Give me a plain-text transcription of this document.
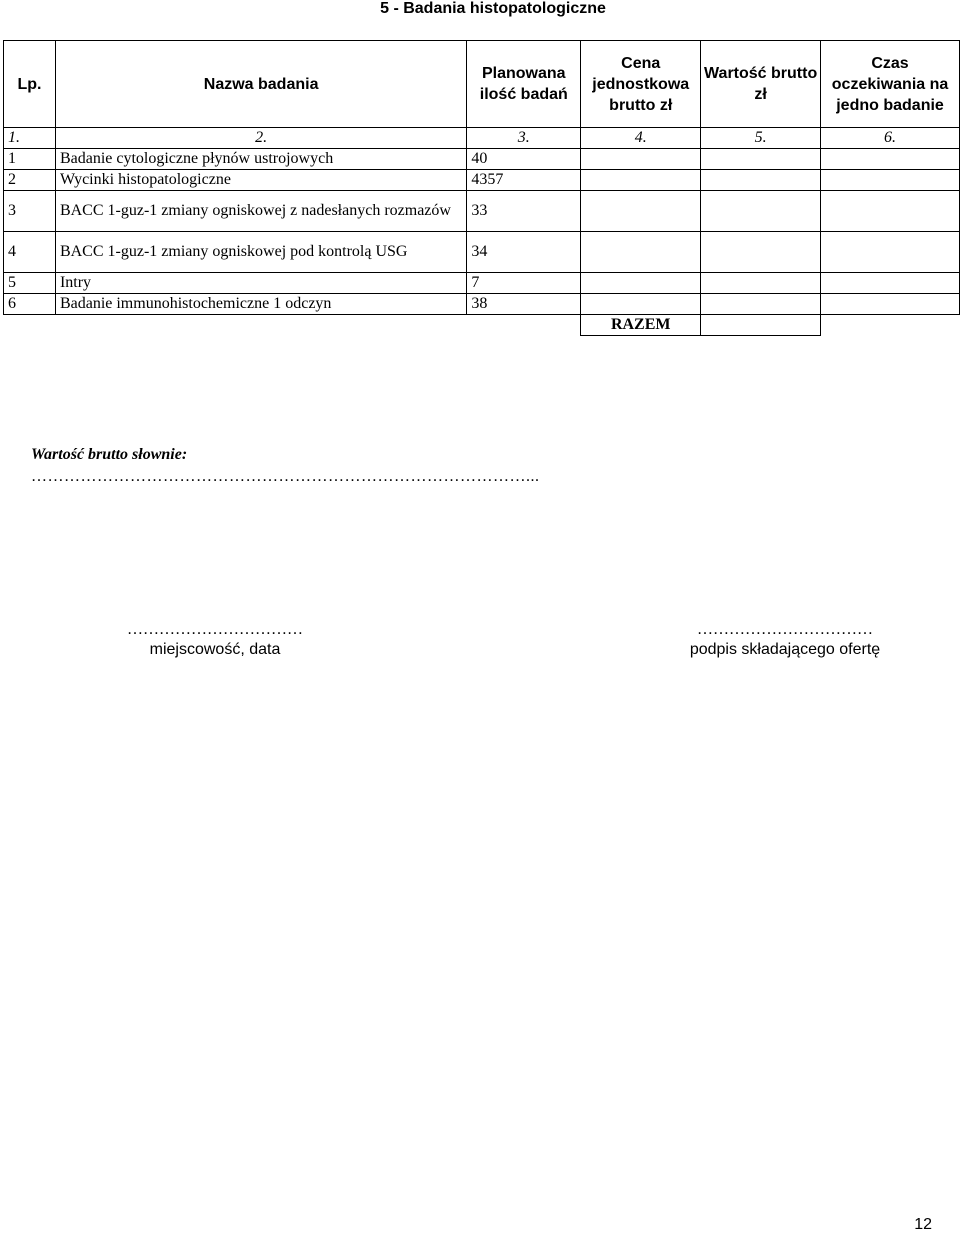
5 - Badania histopatologiczne
Lp.	Nazwa badania	Planowana ilość badań	Cena jednostkowa brutto zł	Wartość brutto zł	Czas oczekiwania na jedno badanie
1.	2.	3.	4.	5.	6.
1	Badanie cytologiczne płynów ustrojowych	40			
2	Wycinki histopatologiczne	4357			
3	BACC 1-guz-1 zmiany ogniskowej z nadesłanych rozmazów	33			
4	BACC 1-guz-1 zmiany ogniskowej pod kontrolą USG	34			
5	Intry	7			
6	Badanie immunohistochemiczne 1 odczyn	38			
			RAZEM		
Wartość brutto słownie:
………………………………………………………………………………...
……………………………
miejscowość, data
……………………………
podpis składającego ofertę
12
